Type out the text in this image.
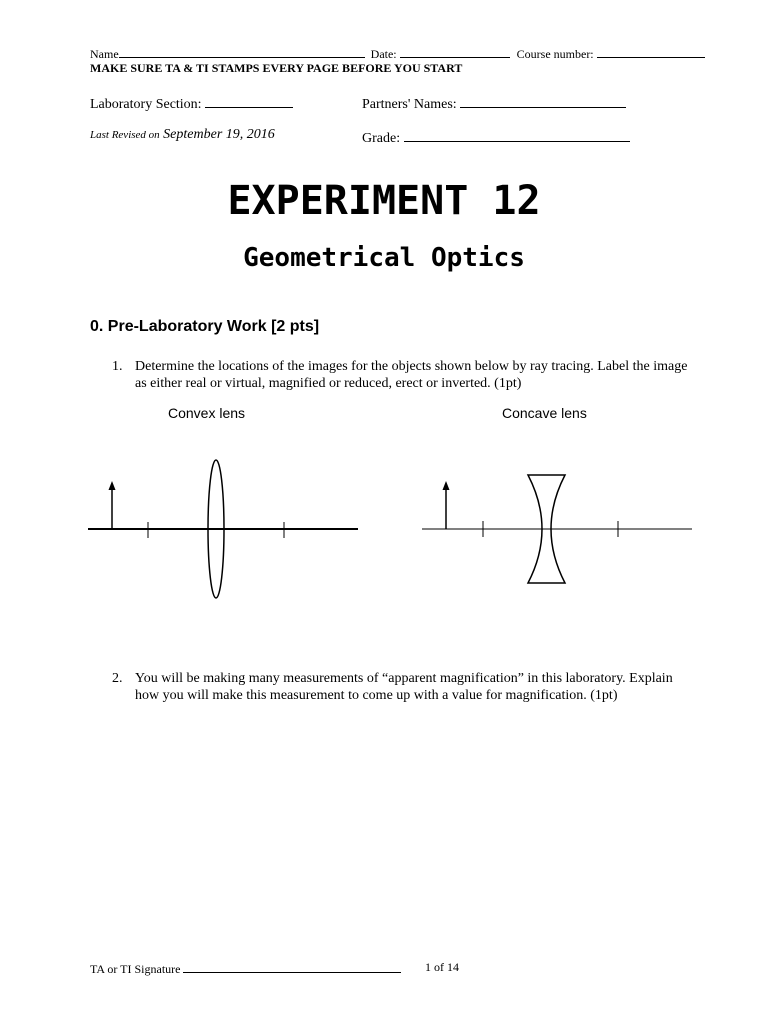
Name	Date:	Course number:
MAKE SURE TA & TI STAMPS EVERY PAGE BEFORE YOU START
Laboratory Section:	Partners' Names:
Last Revised on September 19, 2016	Grade:
EXPERIMENT 12
Geometrical Optics
0. Pre-Laboratory Work [2 pts]
1. Determine the locations of the images for the objects shown below by ray tracing. Label the image as either real or virtual, magnified or reduced, erect or inverted. (1pt)
Convex lens	Concave lens
2. You will be making many measurements of “apparent magnification” in this laboratory. Explain how you will make this measurement to come up with a value for magnification. (1pt)
TA or TI Signature	1 of 14
